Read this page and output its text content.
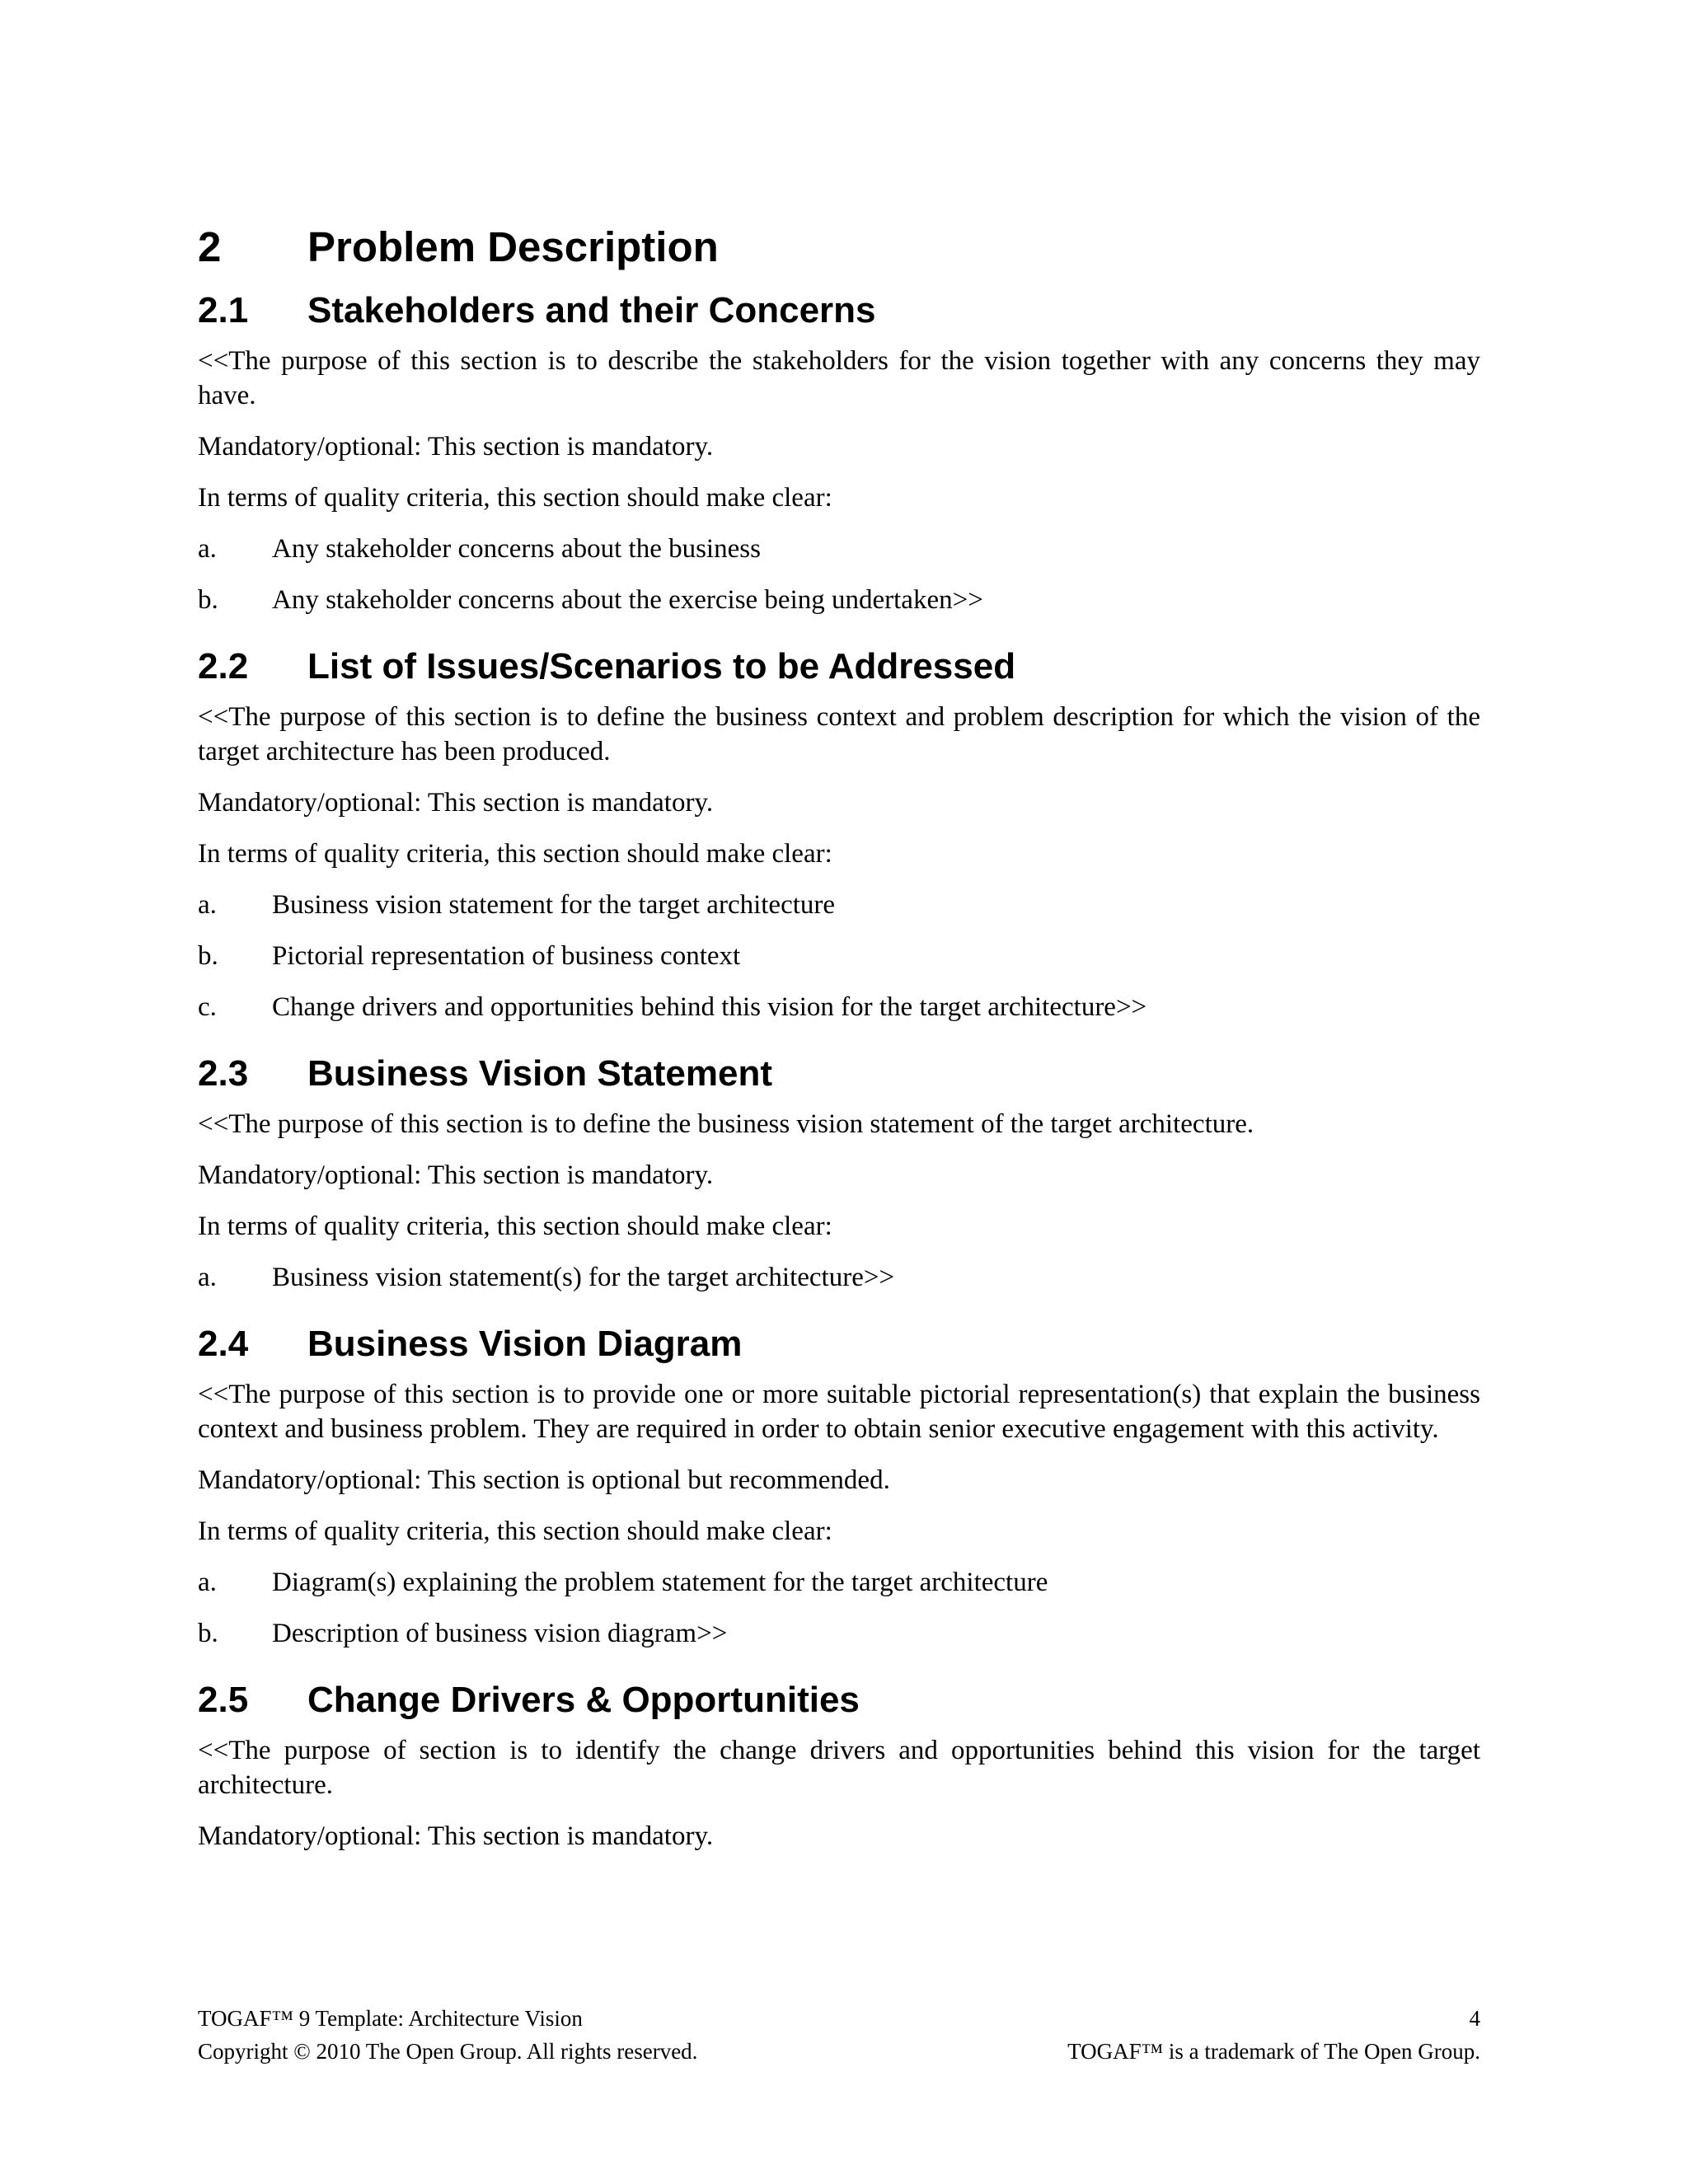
2	Problem Description
2.1	Stakeholders and their Concerns

<<The purpose of this section is to describe the stakeholders for the vision together with any concerns they may have.

Mandatory/optional: This section is mandatory.

In terms of quality criteria, this section should make clear:

a.	Any stakeholder concerns about the business
b.	Any stakeholder concerns about the exercise being undertaken>>
2.2	List of Issues/Scenarios to be Addressed

<<The purpose of this section is to define the business context and problem description for which the vision of the target architecture has been produced.

Mandatory/optional: This section is mandatory.

In terms of quality criteria, this section should make clear:

a.	Business vision statement for the target architecture
b.	Pictorial representation of business context
c.	Change drivers and opportunities behind this vision for the target architecture>>
2.3	Business Vision Statement

<<The purpose of this section is to define the business vision statement of the target architecture.

Mandatory/optional: This section is mandatory.

In terms of quality criteria, this section should make clear:

a.	Business vision statement(s) for the target architecture>>
2.4	Business Vision Diagram

<<The purpose of this section is to provide one or more suitable pictorial representation(s) that explain the business context and business problem. They are required in order to obtain senior executive engagement with this activity.

Mandatory/optional: This section is optional but recommended.

In terms of quality criteria, this section should make clear:

a.	Diagram(s) explaining the problem statement for the target architecture
b.	Description of business vision diagram>>
2.5	Change Drivers & Opportunities

<<The purpose of section is to identify the change drivers and opportunities behind this vision for the target architecture.

Mandatory/optional: This section is mandatory.

TOGAF™ 9 Template: Architecture Vision	4
Copyright © 2010 The Open Group. All rights reserved.	TOGAF™ is a trademark of The Open Group.
